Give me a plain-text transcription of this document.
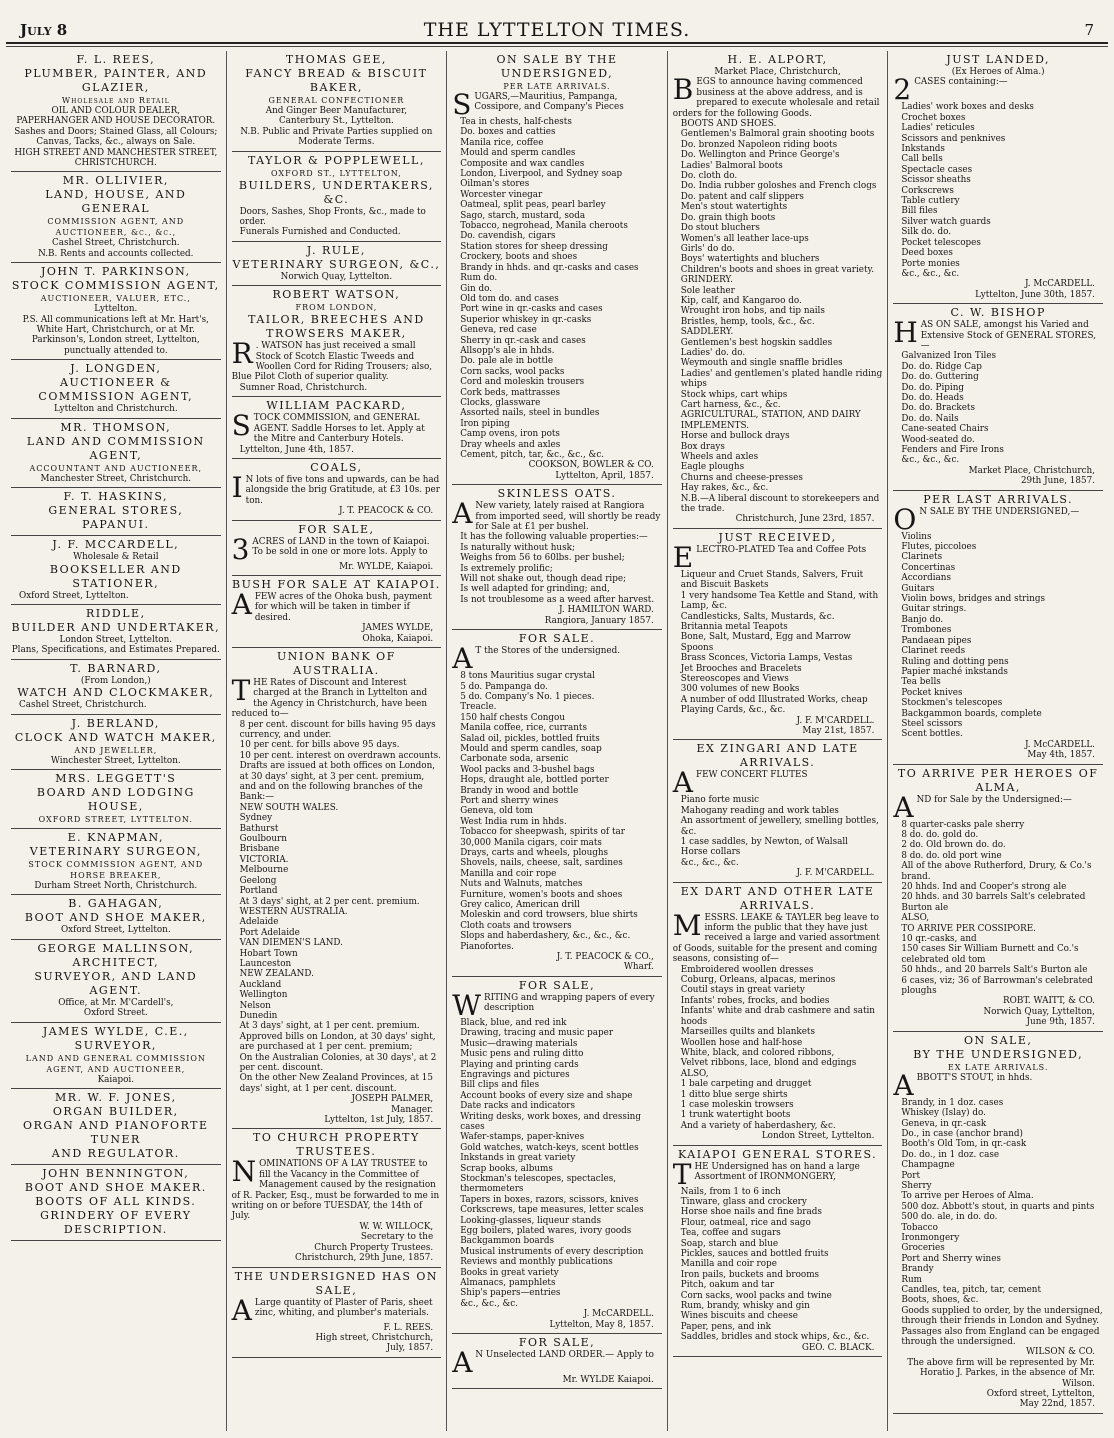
July 8	THE LYTTELTON TIMES.	7
F. L. REES,
PLUMBER, PAINTER, AND GLAZIER,
Wholesale and Retail
OIL AND COLOUR DEALER,
PAPERHANGER AND HOUSE DECORATOR.
Sashes and Doors; Stained Glass, all Colours; Canvas, Tacks, &c., always on Sale.
HIGH STREET AND MANCHESTER STREET, CHRISTCHURCH.
MR. OLLIVIER,
LAND, HOUSE, AND GENERAL
COMMISSION AGENT, AND AUCTIONEER, &c., &c.,
Cashel Street, Christchurch.
N.B. Rents and accounts collected.
JOHN T. PARKINSON,
STOCK COMMISSION AGENT,
AUCTIONEER, VALUER, ETC.,
Lyttelton.
P.S. All communications left at Mr. Hart's, White Hart, Christchurch, or at Mr. Parkinson's, London street, Lyttelton, punctually attended to.
J. LONGDEN,
AUCTIONEER & COMMISSION AGENT,
Lyttelton and Christchurch.
MR. THOMSON,
LAND AND COMMISSION AGENT,
ACCOUNTANT AND AUCTIONEER,
Manchester Street, Christchurch.
F. T. HASKINS,
GENERAL STORES,
PAPANUI.
J. F. MCCARDELL,
Wholesale & Retail
BOOKSELLER AND STATIONER,
Oxford Street, Lyttelton.
RIDDLE,
BUILDER AND UNDERTAKER,
London Street, Lyttelton.
Plans, Specifications, and Estimates Prepared.
T. BARNARD,
(From London,)
WATCH AND CLOCKMAKER,
Cashel Street, Christchurch.
J. BERLAND,
CLOCK AND WATCH MAKER,
AND JEWELLER,
Winchester Street, Lyttelton.
MRS. LEGGETT'S
BOARD AND LODGING HOUSE,
OXFORD STREET, LYTTELTON.
E. KNAPMAN,
VETERINARY SURGEON,
STOCK COMMISSION AGENT, AND HORSE BREAKER,
Durham Street North, Christchurch.
B. GAHAGAN,
BOOT AND SHOE MAKER,
Oxford Street, Lyttelton.
GEORGE MALLINSON,
ARCHITECT,
SURVEYOR, AND LAND AGENT.
Office, at Mr. M'Cardell's,
Oxford Street.
JAMES WYLDE, C.E.,
SURVEYOR,
LAND AND GENERAL COMMISSION AGENT, AND AUCTIONEER,
Kaiapoi.
MR. W. F. JONES,
ORGAN BUILDER,
ORGAN AND PIANOFORTE TUNER
AND REGULATOR.
JOHN BENNINGTON,
BOOT AND SHOE MAKER.
BOOTS OF ALL KINDS.
GRINDERY OF EVERY DESCRIPTION.
THOMAS GEE,
FANCY BREAD & BISCUIT BAKER,
GENERAL CONFECTIONER
And Ginger Beer Manufacturer,
Canterbury St., Lyttelton.
N.B. Public and Private Parties supplied on Moderate Terms.
TAYLOR & POPPLEWELL,
OXFORD ST., LYTTELTON,
BUILDERS, UNDERTAKERS, &C.
Doors, Sashes, Shop Fronts, &c., made to order.
Funerals Furnished and Conducted.
J. RULE,
VETERINARY SURGEON, &C.,
Norwich Quay, Lyttelton.
ROBERT WATSON,
FROM LONDON,
TAILOR, BREECHES AND TROWSERS MAKER,
R . WATSON has just received a small Stock of Scotch Elastic Tweeds and Woollen Cord for Riding Trousers; also, Blue Pilot Cloth of superior quality.
Sumner Road, Christchurch.
WILLIAM PACKARD,
STOCK COMMISSION, and GENERAL AGENT. Saddle Horses to let. Apply at the Mitre and Canterbury Hotels.
Lyttelton, June 4th, 1857.
COALS,
I N lots of five tons and upwards, can be had alongside the brig Gratitude, at £3 10s. per ton.
J. T. PEACOCK & CO.
FOR SALE,
3 ACRES of LAND in the town of Kaiapoi. To be sold in one or more lots. Apply to
Mr. WYLDE, Kaiapoi.
BUSH FOR SALE AT KAIAPOI.
A FEW acres of the Ohoka bush, payment for which will be taken in timber if desired.
JAMES WYLDE,
Ohoka, Kaiapoi.
UNION BANK OF AUSTRALIA.
THE Rates of Discount and Interest charged at the Branch in Lyttelton and the Agency in Christchurch, have been reduced to—
8 per cent. discount for bills having 95 days currency, and under.
10 per cent. for bills above 95 days.
10 per cent. interest on overdrawn accounts.
Drafts are issued at both offices on London, at 30 days' sight, at 3 per cent. premium, and and on the following branches of the Bank:—
NEW SOUTH WALES.
Sydney
Bathurst
Goulbourn
Brisbane
VICTORIA.
Melbourne
Geelong
Portland
At 3 days' sight, at 2 per cent. premium.
WESTERN AUSTRALIA.
Adelaide
Port Adelaide
VAN DIEMEN'S LAND.
Hobart Town
Launceston
NEW ZEALAND.
Auckland
Wellington
Nelson
Dunedin
At 3 days' sight, at 1 per cent. premium.
Approved bills on London, at 30 days' sight, are purchased at 1 per cent. premium;
On the Australian Colonies, at 30 days', at 2 per cent. discount.
On the other New Zealand Provinces, at 15 days' sight, at 1 per cent. discount.
JOSEPH PALMER,
Manager.
Lyttelton, 1st July, 1857.
TO CHURCH PROPERTY TRUSTEES.
NOMINATIONS OF A LAY TRUSTEE to fill the Vacancy in the Committee of Management caused by the resignation of R. Packer, Esq., must be forwarded to me in writing on or before TUESDAY, the 14th of July.
W. W. WILLOCK,
Secretary to the
Church Property Trustees.
Christchurch, 29th June, 1857.
THE UNDERSIGNED HAS ON SALE,
A Large quantity of Plaster of Paris, sheet zinc, whiting, and plumber's materials.
F. L. REES.
High street, Christchurch,
July, 1857.
ON SALE BY THE UNDERSIGNED,
PER LATE ARRIVALS.
SUGARS,—Mauritius, Pampanga, Cossipore, and Company's Pieces
Tea in chests, half-chests
Do. boxes and catties
Manila rice, coffee
Mould and sperm candles
Composite and wax candles
London, Liverpool, and Sydney soap
Oilman's stores
Worcester vinegar
Oatmeal, split peas, pearl barley
Sago, starch, mustard, soda
Tobacco, negrohead, Manila cheroots
Do. cavendish, cigars
Station stores for sheep dressing
Crockery, boots and shoes
Brandy in hhds. and qr.-casks and cases
Rum do.
Gin do.
Old tom do. and cases
Port wine in qr.-casks and cases
Superior whiskey in qr.-casks
Geneva, red case
Sherry in qr.-cask and cases
Allsopp's ale in hhds.
Do. pale ale in bottle
Corn sacks, wool packs
Cord and moleskin trousers
Cork beds, mattrasses
Clocks, glassware
Assorted nails, steel in bundles
Iron piping
Camp ovens, iron pots
Dray wheels and axles
Cement, pitch, tar, &c., &c., &c.
COOKSON, BOWLER & CO.
Lyttelton, April, 1857.
SKINLESS OATS.
A New variety, lately raised at Rangiora from imported seed, will shortly be ready for Sale at £1 per bushel.
It has the following valuable properties:—
Is naturally without husk;
Weighs from 56 to 60lbs. per bushel;
Is extremely prolific;
Will not shake out, though dead ripe;
Is well adapted for grinding; and,
Is not troublesome as a weed after harvest.
J. HAMILTON WARD.
Rangiora, January 1857.
FOR SALE.
A T the Stores of the undersigned.
8 tons Mauritius sugar crystal
5 do. Pampanga do.
5 do. Company's No. 1 pieces.
Treacle.
150 half chests Congou
Manila coffee, rice, currants
Salad oil, pickles, bottled fruits
Mould and sperm candles, soap
Carbonate soda, arsenic
Wool packs and 3-bushel bags
Hops, draught ale, bottled porter
Brandy in wood and bottle
Port and sherry wines
Geneva, old tom
West India rum in hhds.
Tobacco for sheepwash, spirits of tar
30,000 Manila cigars, coir mats
Drays, carts and wheels, ploughs
Shovels, nails, cheese, salt, sardines
Manilla and coir rope
Nuts and Walnuts, matches
Furniture, women's boots and shoes
Grey calico, American drill
Moleskin and cord trowsers, blue shirts
Cloth coats and trowsers
Slops and haberdashery, &c., &c., &c.
Pianofortes.
J. T. PEACOCK & CO.,
Wharf.
FOR SALE,
WRITING and wrapping papers of every description
Black, blue, and red ink
Drawing, tracing and music paper
Music—drawing materials
Music pens and ruling ditto
Playing and printing cards
Engravings and pictures
Bill clips and files
Account books of every size and shape
Date racks and indicators
Writing desks, work boxes, and dressing cases
Wafer-stamps, paper-knives
Gold watches, watch-keys, scent bottles
Inkstands in great variety
Scrap books, albums
Stockman's telescopes, spectacles, thermometers
Tapers in boxes, razors, scissors, knives
Corkscrews, tape measures, letter scales
Looking-glasses, liqueur stands
Egg boilers, plated wares, ivory goods
Backgammon boards
Musical instruments of every description
Reviews and monthly publications
Books in great variety
Almanacs, pamphlets
Ship's papers—entries
&c., &c., &c.
J. McCARDELL.
Lyttelton, May 8, 1857.
FOR SALE,
A N Unselected LAND ORDER.— Apply to
Mr. WYLDE Kaiapoi.
H. E. ALPORT,
Market Place, Christchurch,
BEGS to announce having commenced business at the above address, and is prepared to execute wholesale and retail orders for the following Goods.
BOOTS AND SHOES.
Gentlemen's Balmoral grain shooting boots
Do. bronzed Napoleon riding boots
Do. Wellington and Prince George's
Ladies' Balmoral boots
Do. cloth do.
Do. India rubber goloshes and French clogs
Do. patent and calf slippers
Men's stout watertights
Do. grain thigh boots
Do stout bluchers
Women's all leather lace-ups
Girls' do do.
Boys' watertights and bluchers
Children's boots and shoes in great variety.
GRINDERY.
Sole leather
Kip, calf, and Kangaroo do.
Wrought iron hobs, and tip nails
Bristles, hemp, tools, &c., &c.
SADDLERY.
Gentlemen's best hogskin saddles
Ladies' do. do.
Weymouth and single snaffle bridles
Ladies' and gentlemen's plated handle riding whips
Stock whips, cart whips
Cart harness, &c., &c.
AGRICULTURAL, STATION, AND DAIRY IMPLEMENTS.
Horse and bullock drays
Box drays
Wheels and axles
Eagle ploughs
Churns and cheese-presses
Hay rakes, &c., &c.
N.B.—A liberal discount to storekeepers and the trade.
Christchurch, June 23rd, 1857.
JUST RECEIVED,
ELECTRO-PLATED Tea and Coffee Pots
Liqueur and Cruet Stands, Salvers, Fruit and Biscuit Baskets
1 very handsome Tea Kettle and Stand, with Lamp, &c.
Candlesticks, Salts, Mustards, &c.
Britannia metal Teapots
Bone, Salt, Mustard, Egg and Marrow Spoons
Brass Sconces, Victoria Lamps, Vestas
Jet Brooches and Bracelets
Stereoscopes and Views
300 volumes of new Books
A number of odd Illustrated Works, cheap
Playing Cards, &c., &c.
J. F. M'CARDELL.
May 21st, 1857.
EX ZINGARI AND LATE ARRIVALS.
A FEW CONCERT FLUTES
Piano forte music
Mahogany reading and work tables
An assortment of jewellery, smelling bottles, &c.
1 case saddles, by Newton, of Walsall
Horse collars
&c., &c., &c.
J. F. M'CARDELL.
EX DART AND OTHER LATE ARRIVALS.
MESSRS. LEAKE & TAYLER beg leave to inform the public that they have just received a large and varied assortment of Goods, suitable for the present and coming seasons, consisting of—
Embroidered woollen dresses
Coburg, Orleans, alpacas, merinos
Coutil stays in great variety
Infants' robes, frocks, and bodies
Infants' white and drab cashmere and satin hoods
Marseilles quilts and blankets
Woollen hose and half-hose
White, black, and colored ribbons,
Velvet ribbons, lace, blond and edgings
ALSO,
1 bale carpeting and drugget
1 ditto blue serge shirts
1 case moleskin trowsers
1 trunk watertight boots
And a variety of haberdashery, &c.
London Street, Lyttelton.
KAIAPOI GENERAL STORES.
THE Undersigned has on hand a large Assortment of IRONMONGERY,
Nails, from 1 to 6 inch
Tinware, glass and crockery
Horse shoe nails and fine brads
Flour, oatmeal, rice and sago
Tea, coffee and sugars
Soap, starch and blue
Pickles, sauces and bottled fruits
Manilla and coir rope
Iron pails, buckets and brooms
Pitch, oakum and tar
Corn sacks, wool packs and twine
Rum, brandy, whisky and gin
Wines biscuits and cheese
Paper, pens, and ink
Saddles, bridles and stock whips, &c., &c.
GEO. C. BLACK.
JUST LANDED,
(Ex Heroes of Alma.)
2 CASES containing:—
Ladies' work boxes and desks
Crochet boxes
Ladies' reticules
Scissors and penknives
Inkstands
Call bells
Spectacle cases
Scissor sheaths
Corkscrews
Table cutlery
Bill files
Silver watch guards
Silk do. do.
Pocket telescopes
Deed boxes
Porte monies
&c., &c., &c.
J. McCARDELL.
Lyttelton, June 30th, 1857.
C. W. BISHOP
HAS ON SALE, amongst his Varied and Extensive Stock of GENERAL STORES,—
Galvanized Iron Tiles
Do. do. Ridge Cap
Do. do. Guttering
Do. do. Piping
Do. do. Heads
Do. do. Brackets
Do. do. Nails
Cane-seated Chairs
Wood-seated do.
Fenders and Fire Irons
&c., &c., &c.
Market Place, Christchurch,
29th June, 1857.
PER LAST ARRIVALS.
O N SALE BY THE UNDERSIGNED,—
Violins
Flutes, piccoloes
Clarinets
Concertinas
Accordians
Guitars
Violin bows, bridges and strings
Guitar strings.
Banjo do.
Trombones
Pandaean pipes
Clarinet reeds
Ruling and dotting pens
Papier maché inkstands
Tea bells
Pocket knives
Stockmen's telescopes
Backgammon boards, complete
Steel scissors
Scent bottles.
J. McCARDELL.
May 4th, 1857.
TO ARRIVE PER HEROES OF ALMA,
AND for Sale by the Undersigned:—
8 quarter-casks pale sherry
8 do. do. gold do.
2 do. Old brown do. do.
8 do. do. old port wine
All of the above Rutherford, Drury, & Co.'s brand.
20 hhds. Ind and Cooper's strong ale
20 hhds. and 30 barrels Salt's celebrated Burton ale
ALSO,
TO ARRIVE PER COSSIPORE.
10 qr.-casks, and
150 cases Sir William Burnett and Co.'s celebrated old tom
50 hhds., and 20 barrels Salt's Burton ale
6 cases, viz; 36 of Barrowman's celebrated ploughs
ROBT. WAITT, & CO.
Norwich Quay, Lyttelton,
June 9th, 1857.
ON SALE,
BY THE UNDERSIGNED,
EX LATE ARRIVALS.
ABBOTT'S STOUT, in hhds.
Brandy, in 1 doz. cases
Whiskey (Islay) do.
Geneva, in qr.-cask
Do., in case (anchor brand)
Booth's Old Tom, in qr.-cask
Do. do., in 1 doz. case
Champagne
Port
Sherry
To arrive per Heroes of Alma.
500 doz. Abbott's stout, in quarts and pints
500 do. ale, in do. do.
Tobacco
Ironmongery
Groceries
Port and Sherry wines
Brandy
Rum
Candles, tea, pitch, tar, cement
Boots, shoes, &c.
Goods supplied to order, by the undersigned, through their friends in London and Sydney.
Passages also from England can be engaged through the undersigned.
WILSON & CO.
The above firm will be represented by Mr. Horatio J. Parkes, in the absence of Mr. Wilson.
Oxford street, Lyttelton,
May 22nd, 1857.
